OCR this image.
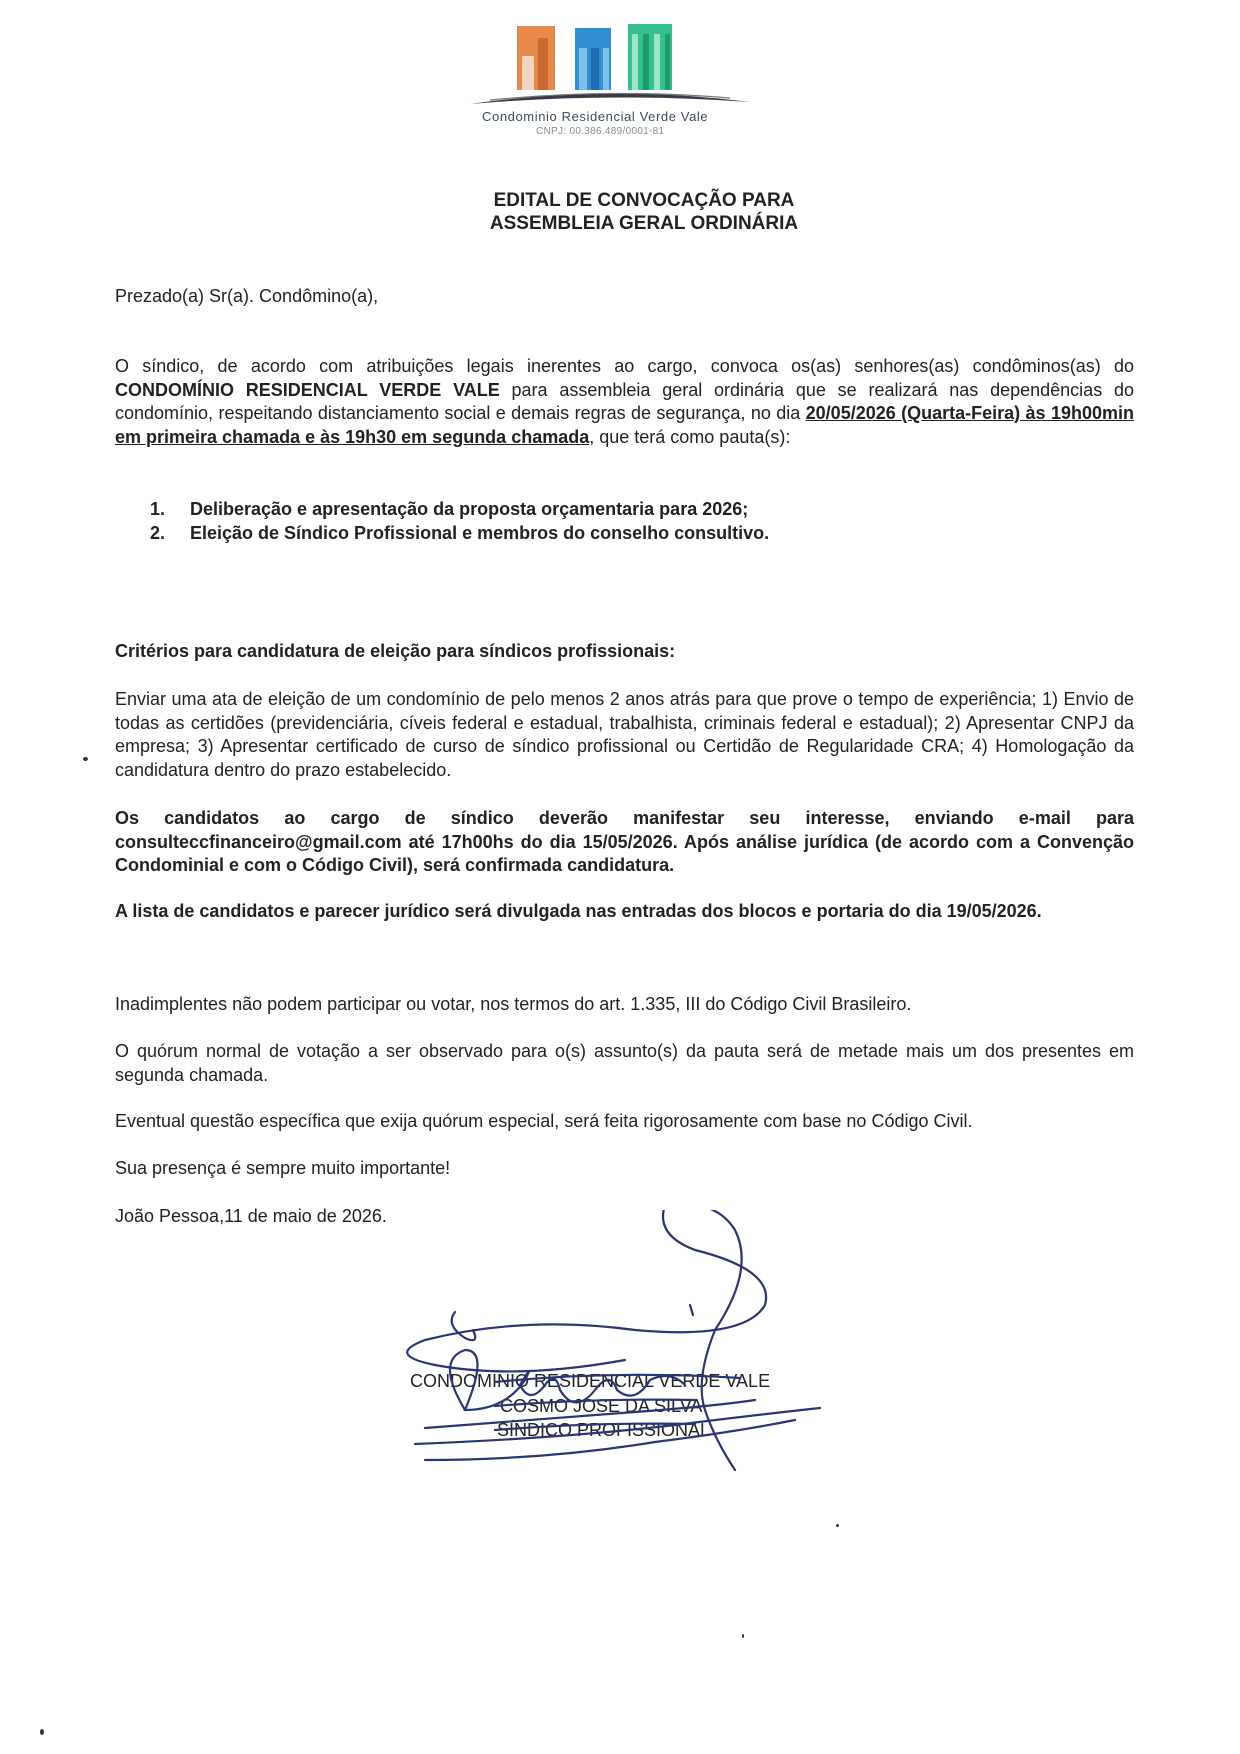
Condominio Residencial Verde Vale
CNPJ: 00.386.489/0001-81
EDITAL DE CONVOCAÇÃO PARA
ASSEMBLEIA GERAL ORDINÁRIA
Prezado(a) Sr(a). Condômino(a),
O síndico, de acordo com atribuições legais inerentes ao cargo, convoca os(as) senhores(as) condôminos(as) do CONDOMÍNIO RESIDENCIAL VERDE VALE para assembleia geral ordinária que se realizará nas dependências do condomínio, respeitando distanciamento social e demais regras de segurança, no dia 20/05/2026 (Quarta-Feira) às 19h00min em primeira chamada e às 19h30 em segunda chamada, que terá como pauta(s):
1. Deliberação e apresentação da proposta orçamentaria para 2026;
2. Eleição de Síndico Profissional e membros do conselho consultivo.
Critérios para candidatura de eleição para síndicos profissionais:
Enviar uma ata de eleição de um condomínio de pelo menos 2 anos atrás para que prove o tempo de experiência; 1) Envio de todas as certidões (previdenciária, cíveis federal e estadual, trabalhista, criminais federal e estadual); 2) Apresentar CNPJ da empresa; 3) Apresentar certificado de curso de síndico profissional ou Certidão de Regularidade CRA; 4) Homologação da candidatura dentro do prazo estabelecido.
Os candidatos ao cargo de síndico deverão manifestar seu interesse, enviando e-mail para consulteccfinanceiro@gmail.com até 17h00hs do dia 15/05/2026. Após análise jurídica (de acordo com a Convenção Condominial e com o Código Civil), será confirmada candidatura.
A lista de candidatos e parecer jurídico será divulgada nas entradas dos blocos e portaria do dia 19/05/2026.
Inadimplentes não podem participar ou votar, nos termos do art. 1.335, III do Código Civil Brasileiro.
O quórum normal de votação a ser observado para o(s) assunto(s) da pauta será de metade mais um dos presentes em segunda chamada.
Eventual questão específica que exija quórum especial, será feita rigorosamente com base no Código Civil.
Sua presença é sempre muito importante!
João Pessoa,11 de maio de 2026.
CONDOMINIO RESIDENCIAL VERDE VALE
COSMO JOSE DA SILVA
SÍNDICO PROFISSIONAL
